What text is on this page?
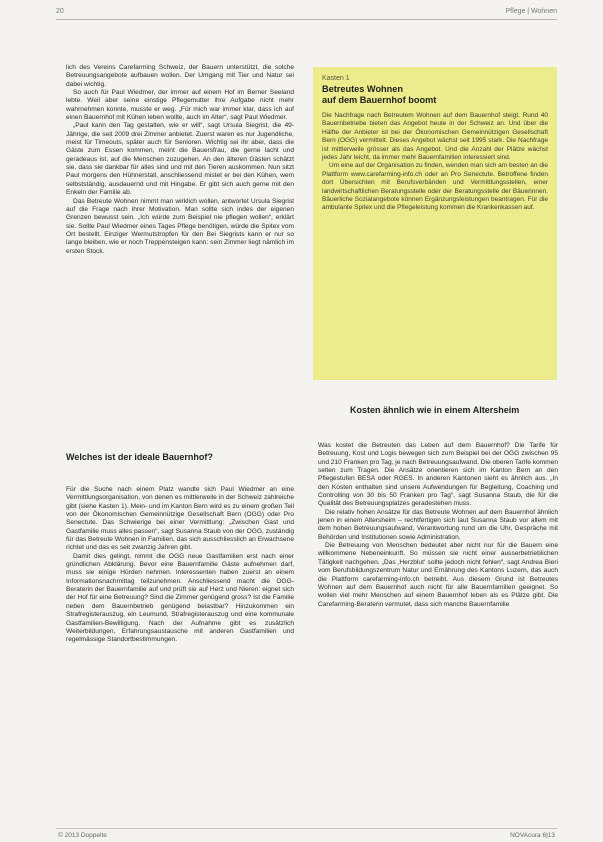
20	Pflege | Wohnen

lich des Vereins Carefarming Schweiz, der Bauern unterstützt, die solche Betreuungsangebote aufbauen wollen. Der Umgang mit Tier und Natur sei dabei wichtig.

So auch für Paul Wiedmer, der immer auf einem Hof im Berner Seeland lebte. Weil aber seine einstige Pflegemutter ihre Aufgabe nicht mehr wahrnehmen konnte, musste er weg. „Für mich war immer klar, dass ich auf einen Bauernhof mit Kühen leben wollte, auch im Alter“, sagt Paul Wiedmer.

„Paul kann den Tag gestalten, wie er will“, sagt Ursula Siegrist, die 49-Jährige, die seit 2009 drei Zimmer anbietet. Zuerst waren es nur Jugendliche, meist für Timeouts, später auch für Senioren. Wichtig sei ihr aber, dass die Gäste zum Essen kommen, meint die Bauersfrau, die gerne lacht und geradeaus ist, auf die Menschen zuzugehen. An den älteren Gästen schätzt sie, dass sie dankbar für alles sind und mit den Tieren auskommen. Nun sitzt Paul morgens den Hühnerstall, anschliessend mistet er bei den Kühen, wem selbstständig, ausdauernd und mit Hingabe. Er gibt sich auch gerne mit den Enkeln der Familie ab.

Das Betreute Wohnen nimmt man wirklich wollen, antwortet Ursula Siegrist auf die Frage nach ihrer Motivation. Man sollte sich indes der eigenen Grenzen bewusst sein. „Ich würde zum Beispiel nie pflegen wollen“, erklärt sie. Sollte Paul Wiedmer eines Tages Pflege benötigen, würde die Spitex vom Ort bestellt. Einziger Wermutstropfen für den Bei Siegrists kann er nur so lange bleiben, wie er noch Treppensteigen kann: sein Zimmer liegt nämlich im ersten Stock.

Welches ist der ideale Bauernhof?

Für die Suche nach einem Platz wandte sich Paul Wiedmer an eine Vermittlungsorganisation, von denen es mittlerweile in der Schweiz zahlreiche gibt (siehe Kasten 1). Mein- und im Kanton Bern wird es zu einem großen Teil von der Ökonomischen Gemeinnützige Gesellschaft Bern (OGG) oder Pro Senectute. Das Schwierige bei einer Vermittlung: „Zwischen Gast und Gastfamilie muss alles passen“, sagt Susanna Staub von der OGG, zuständig für das Betreute Wohnen in Familien, das sich ausschliesslich an Erwachsene richtet und das es seit zwanzig Jahren gibt.

Damit dies gelingt, nimmt die OGG neue Gastfamilien erst nach einer gründlichen Abklärung. Bevor eine Bauernfamilie Gäste aufnehmen darf, muss sie einige Hürden nehmen. Interessenten haben zuerst an einem Informationsnachmittag teilzunehmen. Anschliessend macht die OGG-Beraterin der Bauernfamilie auf und prüft sie auf Herz und Nieren: eignet sich der Hof für eine Betreuung? Sind die Zimmer genügend gross? Ist die Familie neben dem Bauernbetrieb genügend belastbar? Hinzukommen ein Strafregisterauszug, ein Leumund, Strafregisterauszug und eine kommunale Gastfamilien-Bewilligung. Nach der Aufnahme gibt es zusätzlich Weiterbildungen, Erfahrungsaustausche mit anderen Gastfamilien und regelmässige Standortbestimmungen.

Kasten 1
Betreutes Wohnen
auf dem Bauernhof boomt

Die Nachfrage nach Betreutem Wohnen auf dem Bauernhof steigt. Rund 40 Bauernbetriebe bieten das Angebot heute in der Schweiz an. Und über die Hälfte der Anbieter ist bei der Ökonomischen Gemeinnützigen Gesellschaft Bern (OGG) vermittelt. Dieses Angebot wächst seit 1995 stark. Die Nachfrage ist mittlerweile grösser als das Angebot. Und die Anzahl der Plätze wächst jedes Jahr leicht, da immer mehr Bauernfamilien interessiert sind.

Um eine auf der Organisation zu finden, wenden man sich am besten an die Plattform www.carefarming-info.ch oder an Pro Senectute. Betroffene finden dort Übersichten mit Berufsverbänden und Vermittlungsstellen, einer landwirtschaftlichen Beratungsstelle oder der Beratungsstelle der Bäuerinnen. Bäuerliche Sozialangebote können Ergänzungsleistungen beantragen. Für die ambulante Spitex und die Pflegeleistung kommen die Krankenkassen auf.

Kosten ähnlich wie in einem Altersheim

Was kostet die Betreuten das Leben auf dem Bauernhof? Die Tarife für Betreuung, Kost und Logis bewegen sich zum Beispiel bei der OGG zwischen 95 und 210 Franken pro Tag, je nach Betreuungsaufwand. Die oberen Tarife kommen selten zum Tragen. Die Ansätze orientieren sich im Kanton Bern an den Pflegestufen BESA oder RGES. In anderen Kantonen sieht es ähnlich aus. „In den Kosten enthalten sind unsere Aufwendungen für Begleitung, Coaching und Controlling von 30 bis 50 Franken pro Tag“, sagt Susanna Staub, die für die Qualität des Betreuungsplatzes geradestehen muss.

Die relativ hohen Ansätze für das Betreute Wohnen auf dem Bauernhof ähnlich jenen in einem Altersheim – rechtfertigen sich laut Susanna Staub vor allem mit dem hohen Betreuungsaufwand, Verantwortung rund um die Uhr, Gespräche mit Behörden und Institutionen sowie Administration.

Die Betreuung von Menschen bedeutet aber nicht nur für die Bauern eine willkommene Nebeneinkunft. So müssen sie nicht einer ausserbetrieblichen Tätigkeit nachgehen. „Das ‚Herzblut‘ sollte jedoch nicht fehlen“, sagt Andrea Bieri vom Berufsbildungszentrum Natur und Ernährung des Kantons Luzern, das auch die Plattform carefarming-info.ch betreibt. Aus diesem Grund ist Betreutes Wohnen auf dem Bauernhof auch nicht für alle Bauernfamilien geeignet. So wollen viel mehr Menschen auf einem Bauernhof leben als es Plätze gibt. Die Carefarming-Beraterin vermutet, dass sich manche Bauernfamilie

© 2013 Doppelte	NOVAcura 6|13
